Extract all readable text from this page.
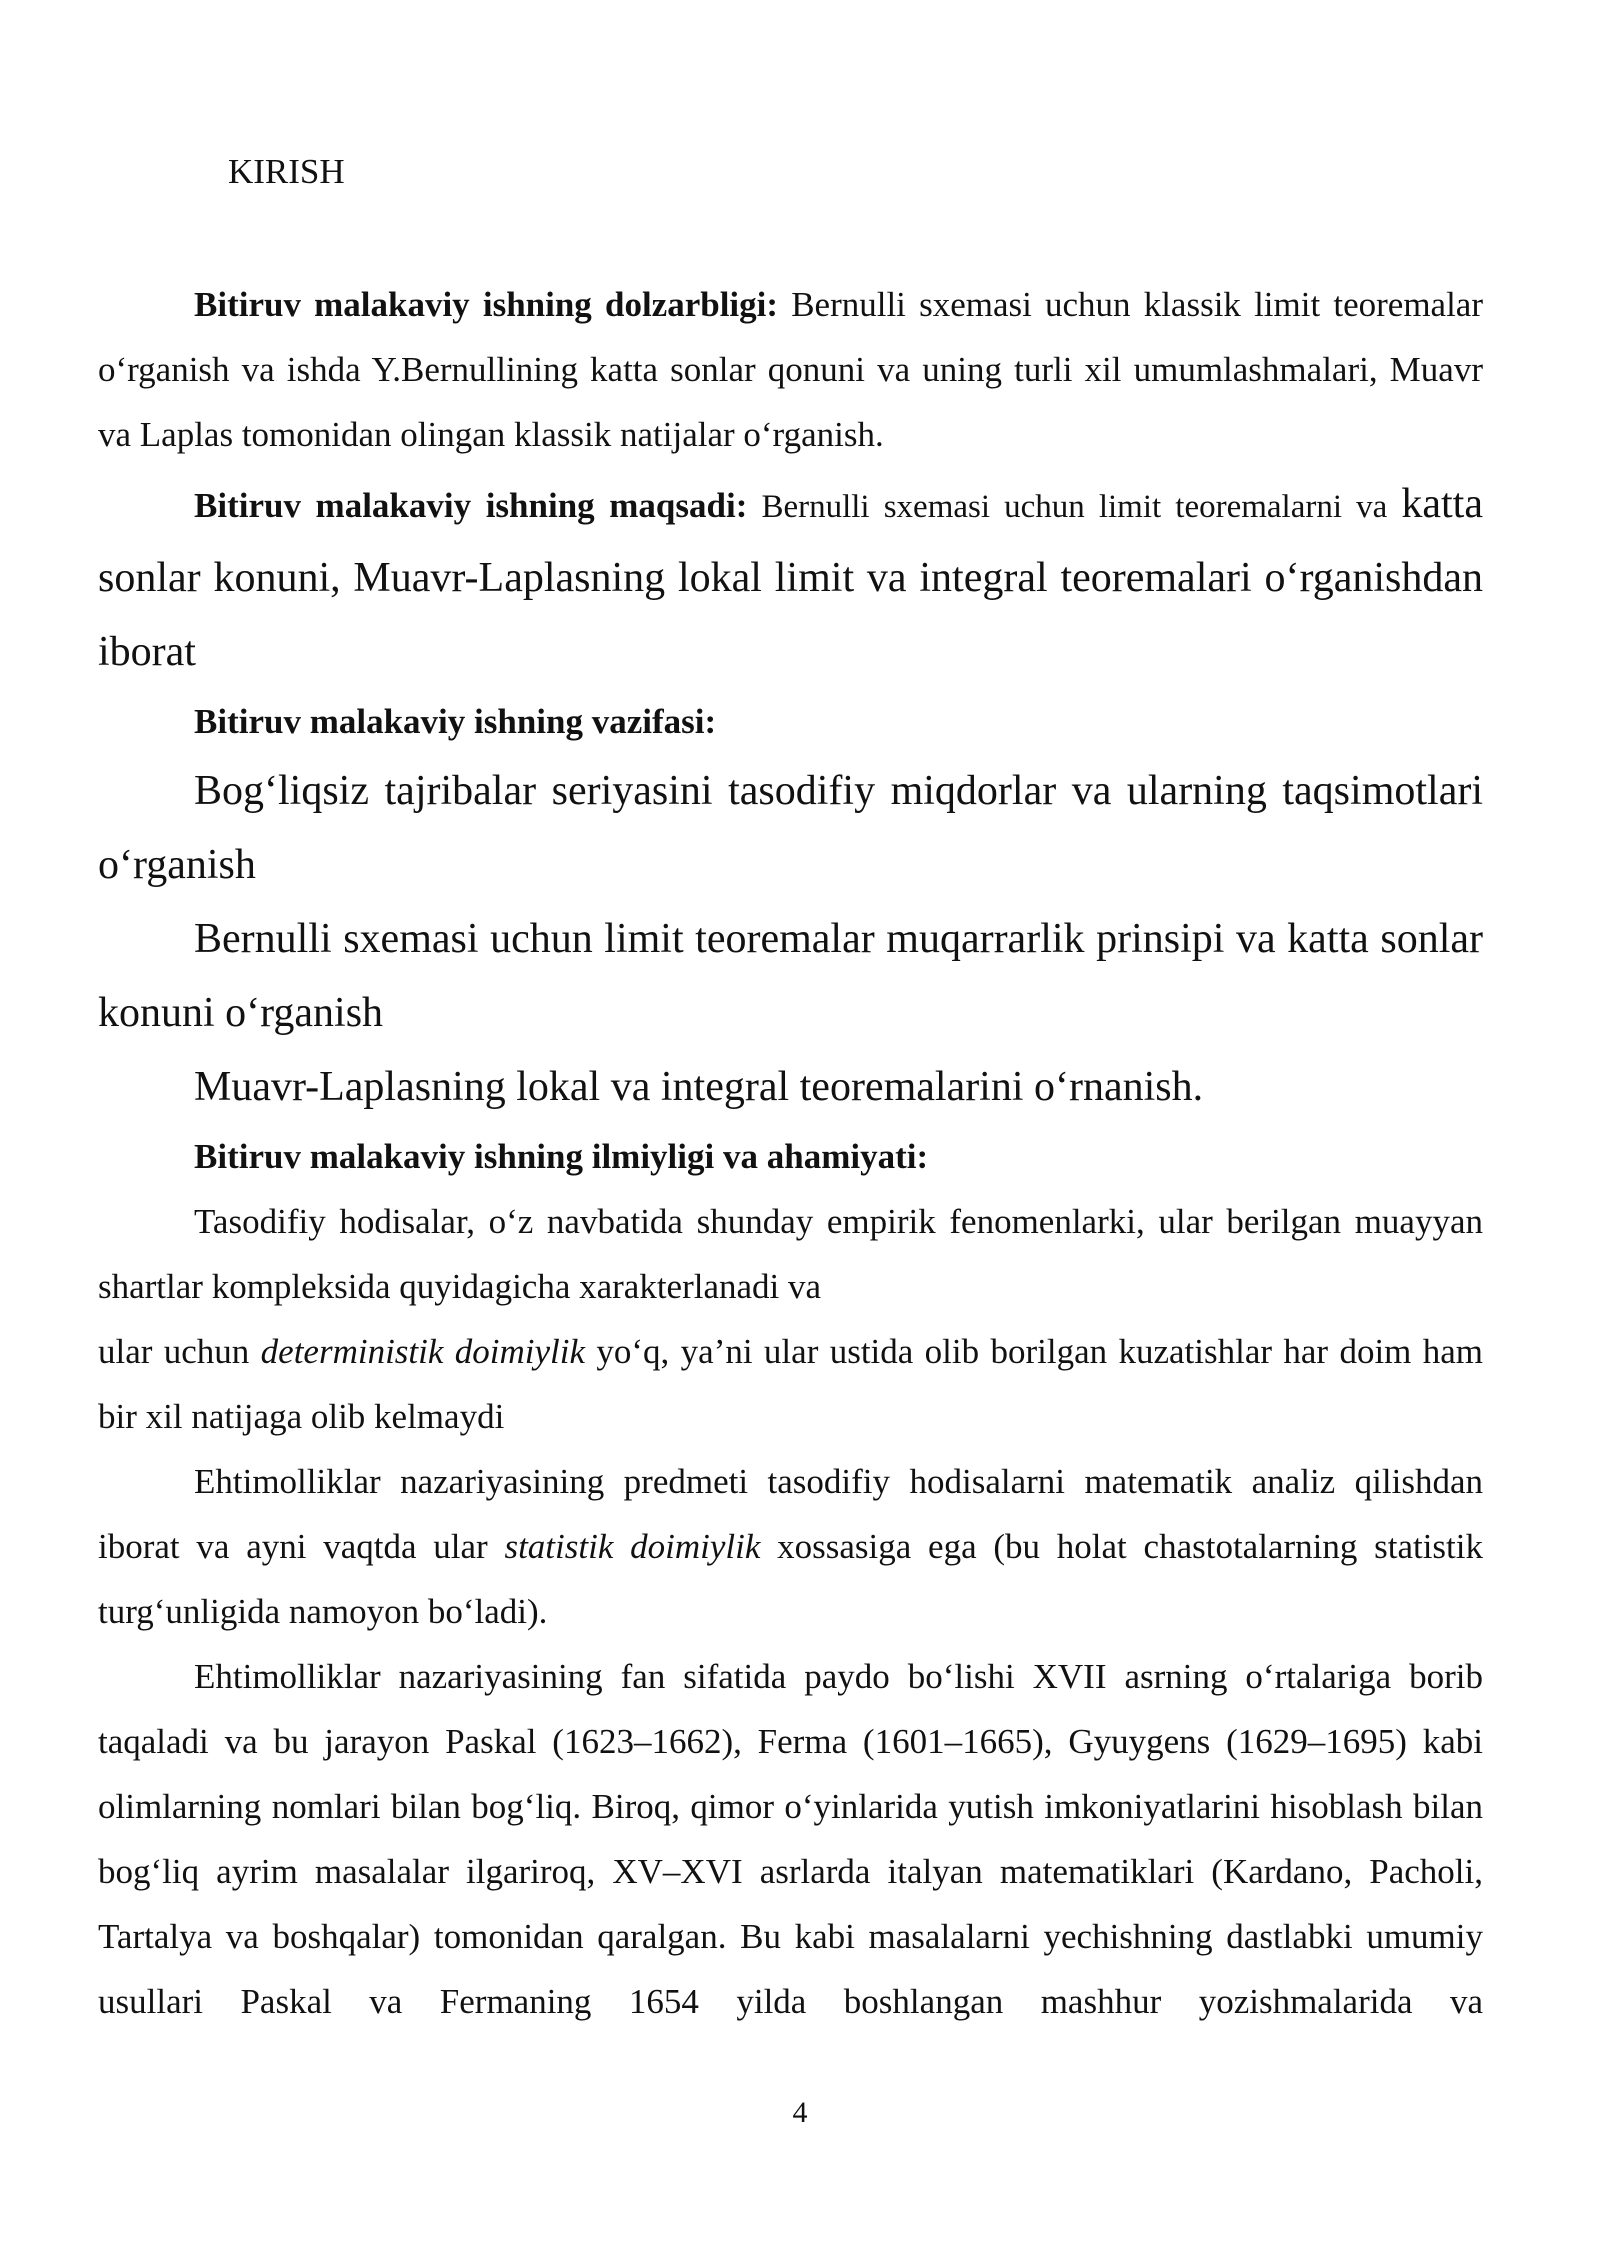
KIRISH

Bitiruv malakaviy ishning dolzarbligi: Bernulli sxemasi uchun klassik limit teoremalar o‘rganish va ishda Y.Bernullining katta sonlar qonuni va uning turli xil umumlashmalari, Muavr va Laplas tomonidan olingan klassik natijalar o‘rganish.

Bitiruv malakaviy ishning maqsadi: Bernulli sxemasi uchun limit teoremalarni va katta sonlar konuni, Muavr-Laplasning lokal limit va integral teoremalari o‘rganishdan iborat

Bitiruv malakaviy ishning vazifasi:

Bog‘liqsiz tajribalar seriyasini tasodifiy miqdorlar va ularning taqsimotlari o‘rganish

Bernulli sxemasi uchun limit teoremalar muqarrarlik prinsipi va katta sonlar konuni o‘rganish

Muavr-Laplasning lokal va integral teoremalarini o‘rnanish.

Bitiruv malakaviy ishning ilmiyligi va ahamiyati:

Tasodifiy hodisalar, o‘z navbatida shunday empirik fenomenlarki, ular berilgan muayyan shartlar kompleksida quyidagicha xarakterlanadi va

ular uchun deterministik doimiylik yo‘q, ya’ni ular ustida olib borilgan kuzatishlar har doim ham bir xil natijaga olib kelmaydi

Ehtimolliklar nazariyasining predmeti tasodifiy hodisalarni matematik analiz qilishdan iborat va ayni vaqtda ular statistik doimiylik xossasiga ega (bu holat chastotalarning statistik turg‘unligida namoyon bo‘ladi).

Ehtimolliklar nazariyasining fan sifatida paydo bo‘lishi XVII asrning o‘rtalariga borib taqaladi va bu jarayon Paskal (1623–1662), Ferma (1601–1665), Gyuygens (1629–1695) kabi olimlarning nomlari bilan bog‘liq. Biroq, qimor o‘yinlarida yutish imkoniyatlarini hisoblash bilan bog‘liq ayrim masalalar ilgariroq, XV–XVI asrlarda italyan matematiklari (Kardano, Pacholi, Tartalya va boshqalar) tomonidan qaralgan. Bu kabi masalalarni yechishning dastlabki umumiy usullari Paskal va Fermaning 1654 yilda boshlangan mashhur yozishmalarida va

4
